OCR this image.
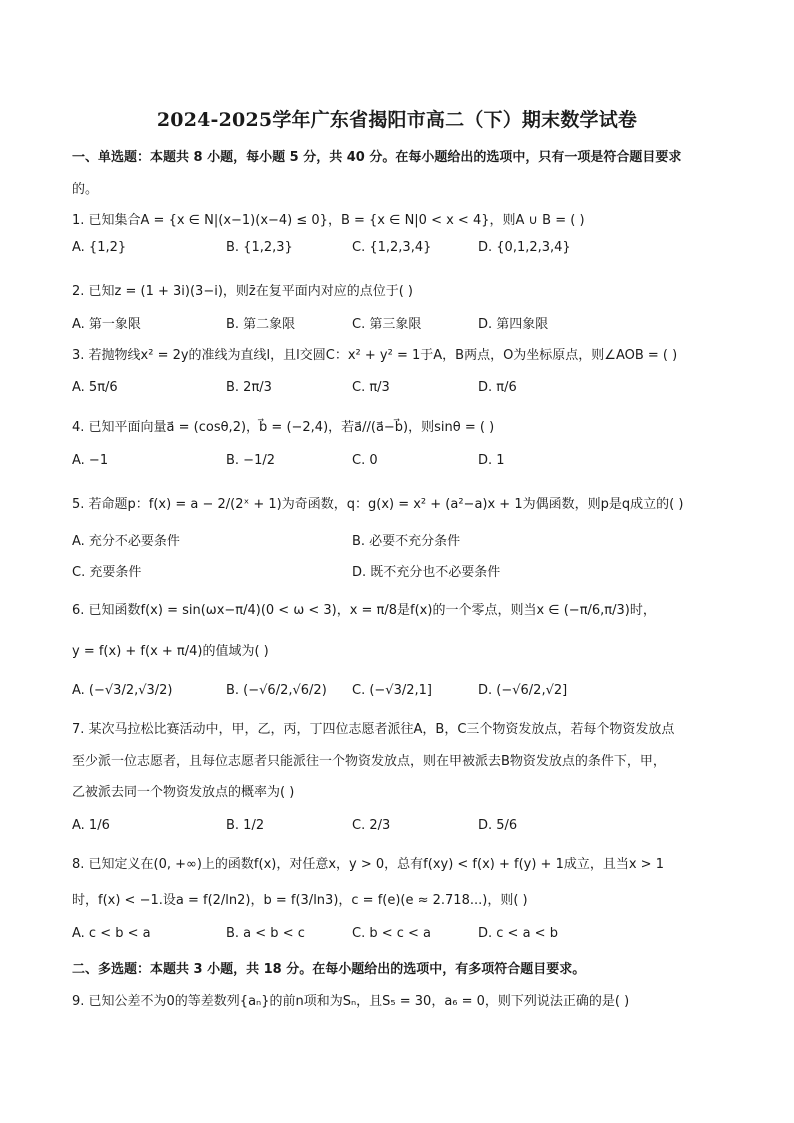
2024-2025学年广东省揭阳市高二（下）期末数学试卷
一、单选题：本题共 8 小题，每小题 5 分，共 40 分。在每小题给出的选项中，只有一项是符合题目要求
的。
1. 已知集合A = {x ∈ N|(x−1)(x−4) ≤ 0}，B = {x ∈ N|0 < x < 4}，则A ∪ B = ( )
A. {1,2}	B. {1,2,3}	C. {1,2,3,4}	D. {0,1,2,3,4}
2. 已知z = (1 + 3i)(3−i)，则z̄在复平面内对应的点位于( )
A. 第一象限	B. 第二象限	C. 第三象限	D. 第四象限
3. 若抛物线x² = 2y的准线为直线l，且l交圆C：x² + y² = 1于A，B两点，O为坐标原点，则∠AOB = ( )
A. 5π/6	B. 2π/3	C. π/3	D. π/6
4. 已知平面向量a⃗ = (cosθ,2)，b⃗ = (−2,4)，若a⃗//(a⃗−b⃗)，则sinθ = ( )
A. −1	B. −1/2	C. 0	D. 1
5. 若命题p：f(x) = a − 2/(2ˣ + 1)为奇函数，q：g(x) = x² + (a²−a)x + 1为偶函数，则p是q成立的( )
A. 充分不必要条件	B. 必要不充分条件
C. 充要条件	D. 既不充分也不必要条件
6. 已知函数f(x) = sin(ωx−π/4)(0 < ω < 3)，x = π/8是f(x)的一个零点，则当x ∈ (−π/6,π/3)时，
y = f(x) + f(x + π/4)的值域为( )
A. (−√3/2,√3/2)	B. (−√6/2,√6/2) C. (−√3/2,1]	D. (−√6/2,√2]
7. 某次马拉松比赛活动中，甲，乙，丙，丁四位志愿者派往A，B，C三个物资发放点，若每个物资发放点
至少派一位志愿者，且每位志愿者只能派往一个物资发放点，则在甲被派去B物资发放点的条件下，甲，
乙被派去同一个物资发放点的概率为( )
A. 1/6	B. 1/2	C. 2/3	D. 5/6
8. 已知定义在(0, +∞)上的函数f(x)，对任意x，y > 0，总有f(xy) < f(x) + f(y) + 1成立，且当x > 1
时，f(x) < −1.设a = f(2/ln2)，b = f(3/ln3)，c = f(e)(e ≈ 2.718...)，则( )
A. c < b < a	B. a < b < c	C. b < c < a	D. c < a < b
二、多选题：本题共 3 小题，共 18 分。在每小题给出的选项中，有多项符合题目要求。
9. 已知公差不为0的等差数列{aₙ}的前n项和为Sₙ，且S₅ = 30，a₆ = 0，则下列说法正确的是( )
